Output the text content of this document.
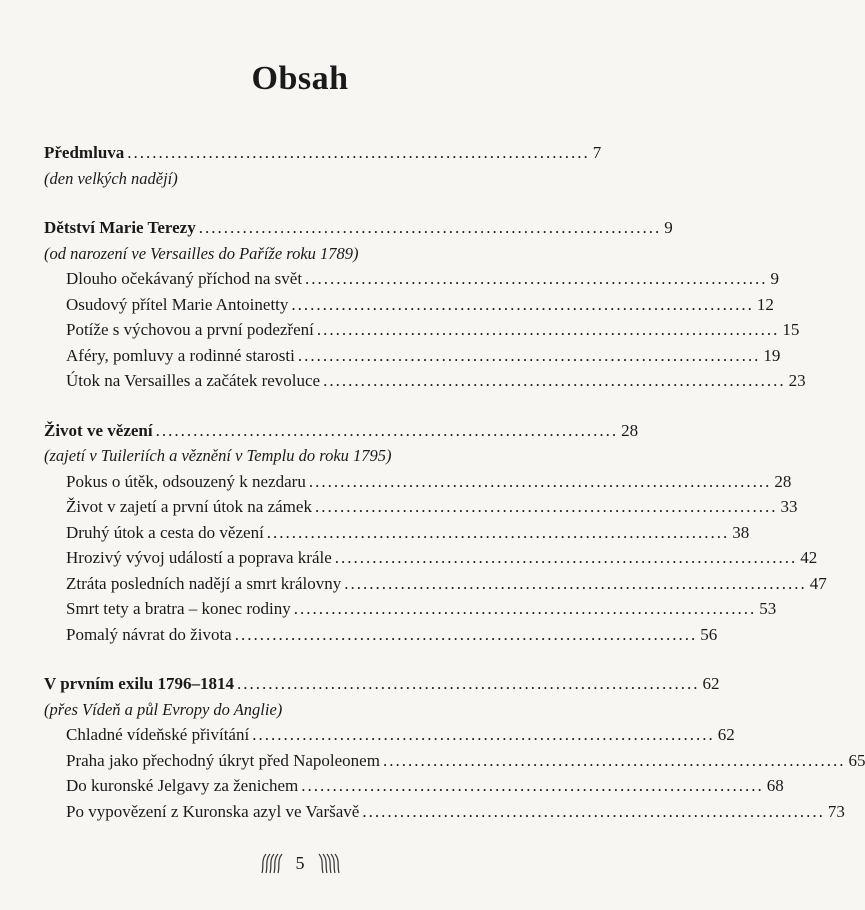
Obsah
Předmluva .......................................................................... 7
(den velkých nadějí)
Dětství Marie Terezy .......................................................................... 9
(od narození ve Versailles do Paříže roku 1789)
Dlouho očekávaný příchod na svět .......................................................................... 9
Osudový přítel Marie Antoinetty .......................................................................... 12
Potíže s výchovou a první podezření .......................................................................... 15
Aféry, pomluvy a rodinné starosti .......................................................................... 19
Útok na Versailles a začátek revoluce .......................................................................... 23
Život ve vězení .......................................................................... 28
(zajetí v Tuileriích a věznění v Templu do roku 1795)
Pokus o útěk, odsouzený k nezdaru .......................................................................... 28
Život v zajetí a první útok na zámek .......................................................................... 33
Druhý útok a cesta do vězení .......................................................................... 38
Hrozivý vývoj událostí a poprava krále .......................................................................... 42
Ztráta posledních nadějí a smrt královny .......................................................................... 47
Smrt tety a bratra – konec rodiny .......................................................................... 53
Pomalý návrat do života .......................................................................... 56
V prvním exilu 1796–1814 .......................................................................... 62
(přes Vídeň a půl Evropy do Anglie)
Chladné vídeňské přivítání .......................................................................... 62
Praha jako přechodný úkryt před Napoleonem .......................................................................... 65
Do kuronské Jelgavy za ženichem .......................................................................... 68
Po vypovězení z Kuronska azyl ve Varšavě .......................................................................... 73
5
